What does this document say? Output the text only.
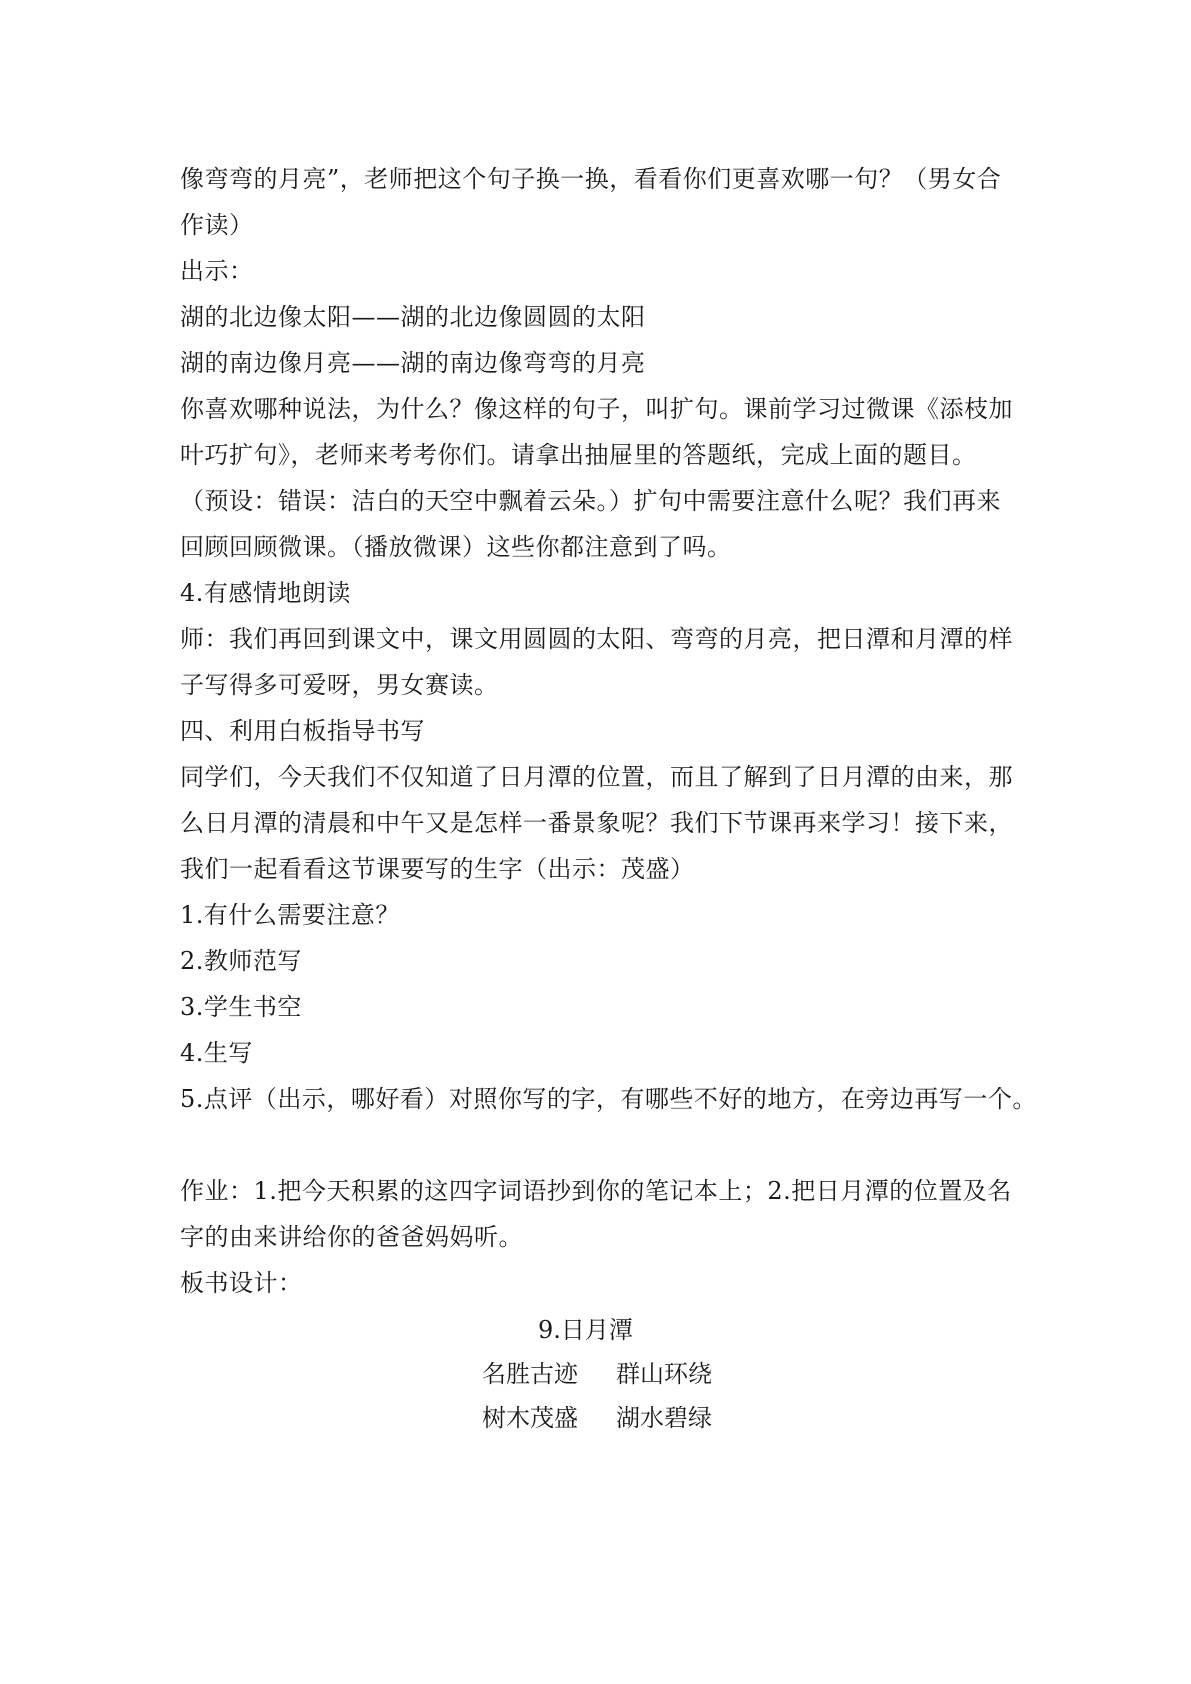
像弯弯的月亮”，老师把这个句子换一换，看看你们更喜欢哪一句？（男女合
作读）
出示：
湖的北边像太阳——湖的北边像圆圆的太阳
湖的南边像月亮——湖的南边像弯弯的月亮
你喜欢哪种说法，为什么？像这样的句子，叫扩句。课前学习过微课《添枝加
叶巧扩句》，老师来考考你们。请拿出抽屉里的答题纸，完成上面的题目。
（预设：错误：洁白的天空中飘着云朵。）扩句中需要注意什么呢？我们再来
回顾回顾微课。（播放微课）这些你都注意到了吗。
4.有感情地朗读
师：我们再回到课文中，课文用圆圆的太阳、弯弯的月亮，把日潭和月潭的样
子写得多可爱呀，男女赛读。
四、利用白板指导书写
同学们，今天我们不仅知道了日月潭的位置，而且了解到了日月潭的由来，那
么日月潭的清晨和中午又是怎样一番景象呢？我们下节课再来学习！接下来，
我们一起看看这节课要写的生字（出示：茂盛）
1.有什么需要注意？
2.教师范写
3.学生书空
4.生写
5.点评（出示，哪好看）对照你写的字，有哪些不好的地方，在旁边再写一个。
作业：1.把今天积累的这四字词语抄到你的笔记本上；2.把日月潭的位置及名
字的由来讲给你的爸爸妈妈听。
板书设计：
9.日月潭
名胜古迹 群山环绕
树木茂盛 湖水碧绿
